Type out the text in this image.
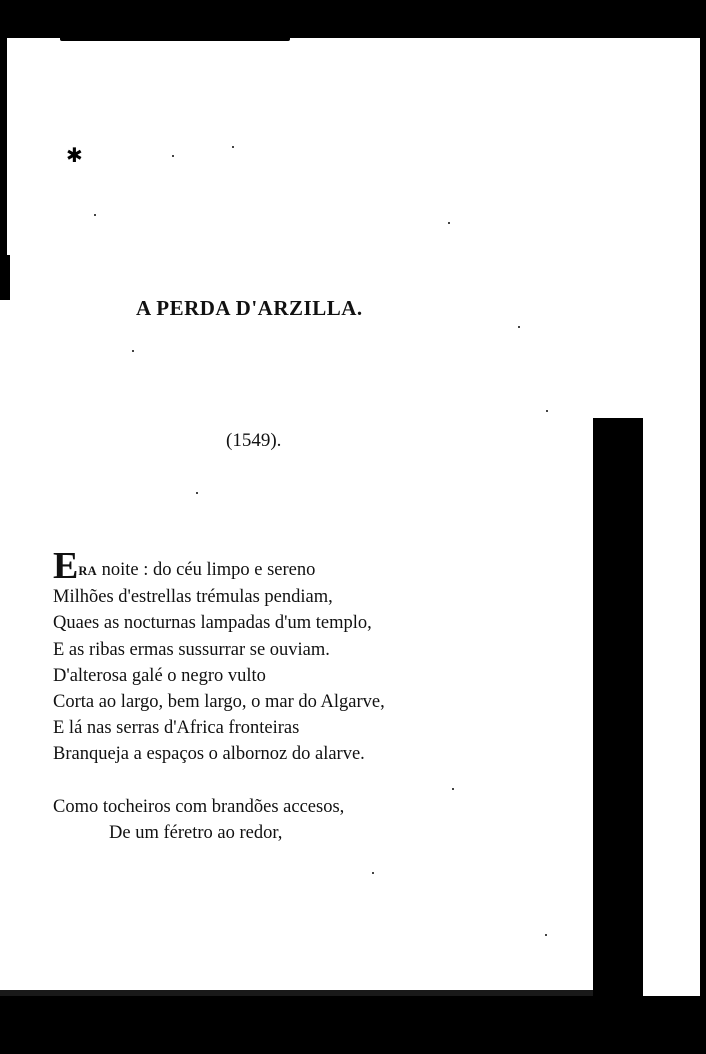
✱
A PERDA D'ARZILLA.
(1549).
ERA noite : do céu limpo e sereno
Milhões d'estrellas trémulas pendiam,
Quaes as nocturnas lampadas d'um templo,
E as ribas ermas sussurrar se ouviam.
D'alterosa galé o negro vulto
Corta ao largo, bem largo, o mar do Algarve,
E lá nas serras d'Africa fronteiras
Branqueja a espaços o albornoz do alarve.
Como tocheiros com brandões accesos,
De um féretro ao redor,
